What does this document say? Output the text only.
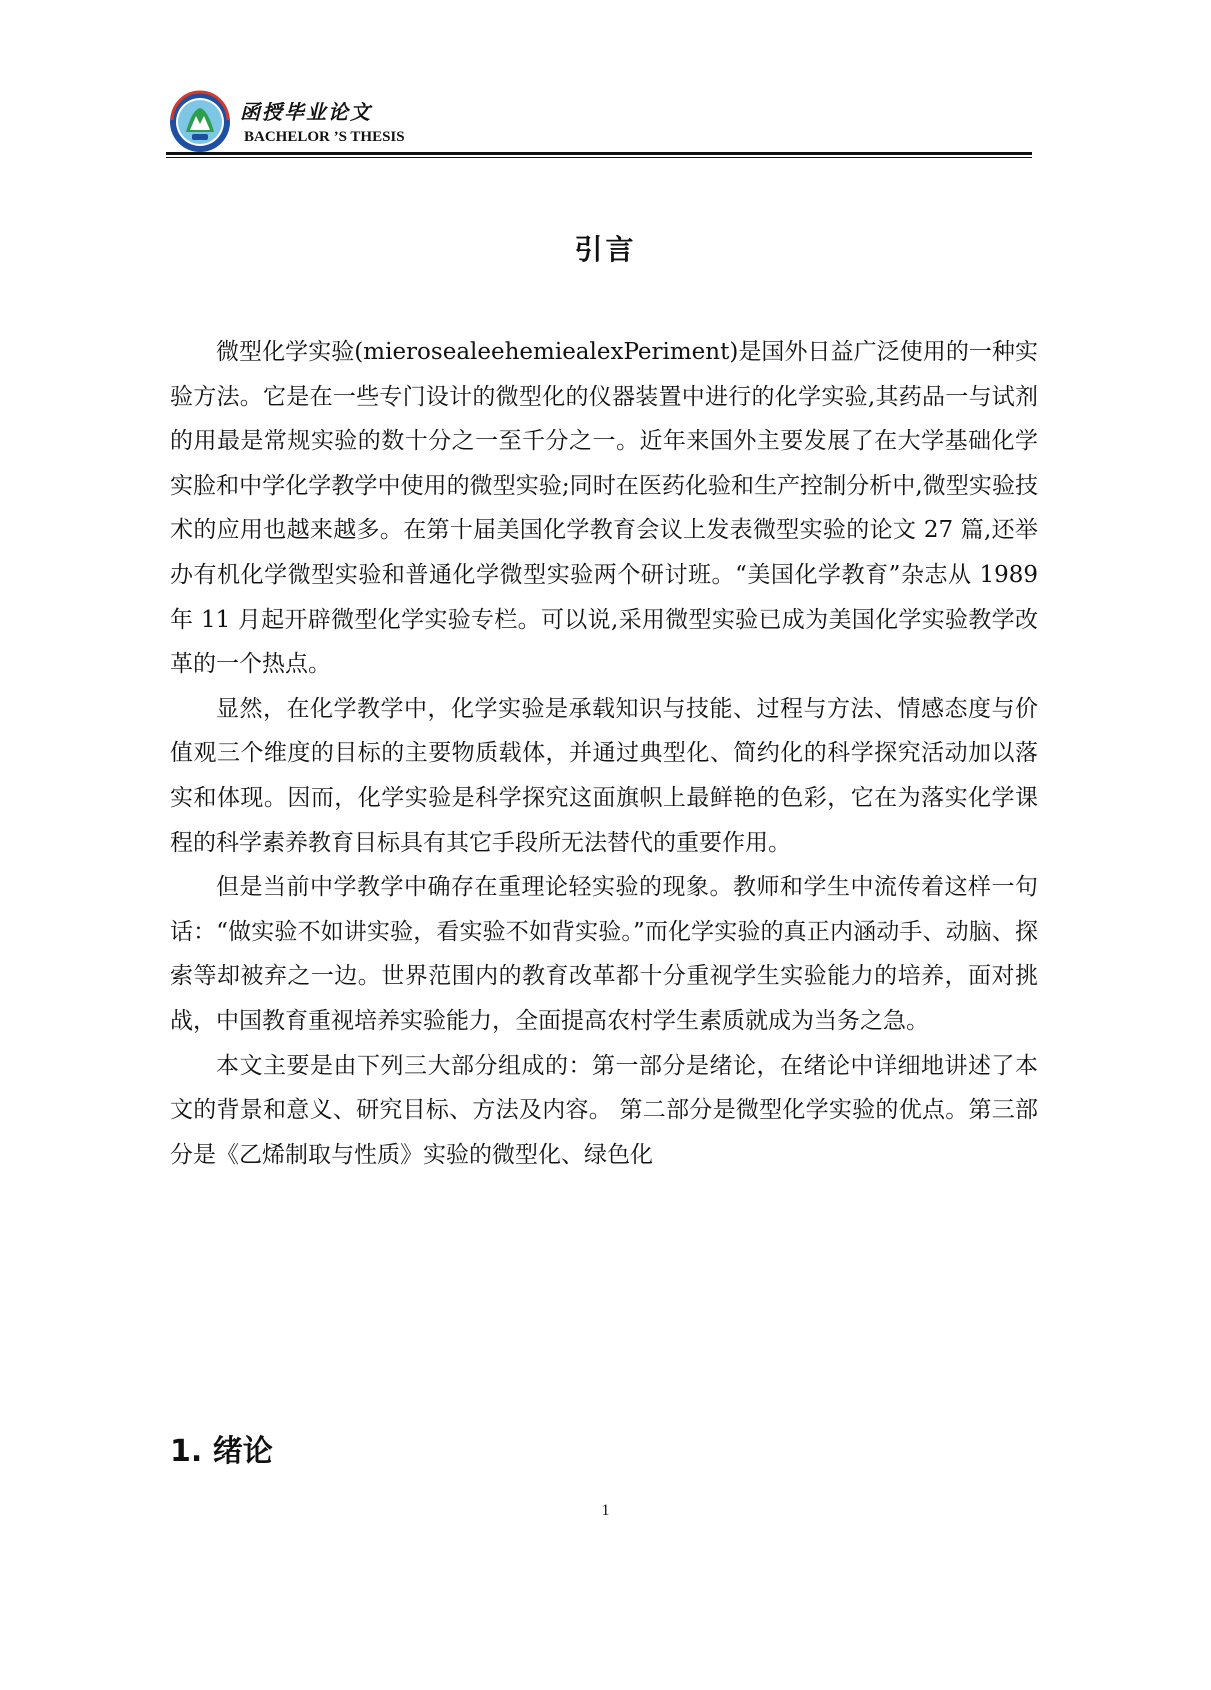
函授毕业论文
BACHELOR ’S THESIS
引言

微型化学实验(mierosealeehemiealexPeriment)是国外日益广泛使用的一种实验方法。它是在一些专门设计的微型化的仪器装置中进行的化学实验,其药品一与试剂的用最是常规实验的数十分之一至千分之一。近年来国外主要发展了在大学基础化学实脸和中学化学教学中使用的微型实验;同时在医药化验和生产控制分析中,微型实验技术的应用也越来越多。在第十届美国化学教育会议上发表微型实验的论文 27 篇,还举办有机化学微型实验和普通化学微型实验两个研讨班。“美国化学教育”杂志从 1989 年 11 月起开辟微型化学实验专栏。可以说,采用微型实验已成为美国化学实验教学改革的一个热点。

显然，在化学教学中，化学实验是承载知识与技能、过程与方法、情感态度与价值观三个维度的目标的主要物质载体，并通过典型化、简约化的科学探究活动加以落实和体现。因而，化学实验是科学探究这面旗帜上最鲜艳的色彩，它在为落实化学课程的科学素养教育目标具有其它手段所无法替代的重要作用。

但是当前中学教学中确存在重理论轻实验的现象。教师和学生中流传着这样一句话：“做实验不如讲实验，看实验不如背实验。”而化学实验的真正内涵动手、动脑、探索等却被弃之一边。世界范围内的教育改革都十分重视学生实验能力的培养，面对挑战，中国教育重视培养实验能力，全面提高农村学生素质就成为当务之急。

本文主要是由下列三大部分组成的：第一部分是绪论，在绪论中详细地讲述了本文的背景和意义、研究目标、方法及内容。 第二部分是微型化学实验的优点。第三部分是《乙烯制取与性质》实验的微型化、绿色化

1. 绪论
1
